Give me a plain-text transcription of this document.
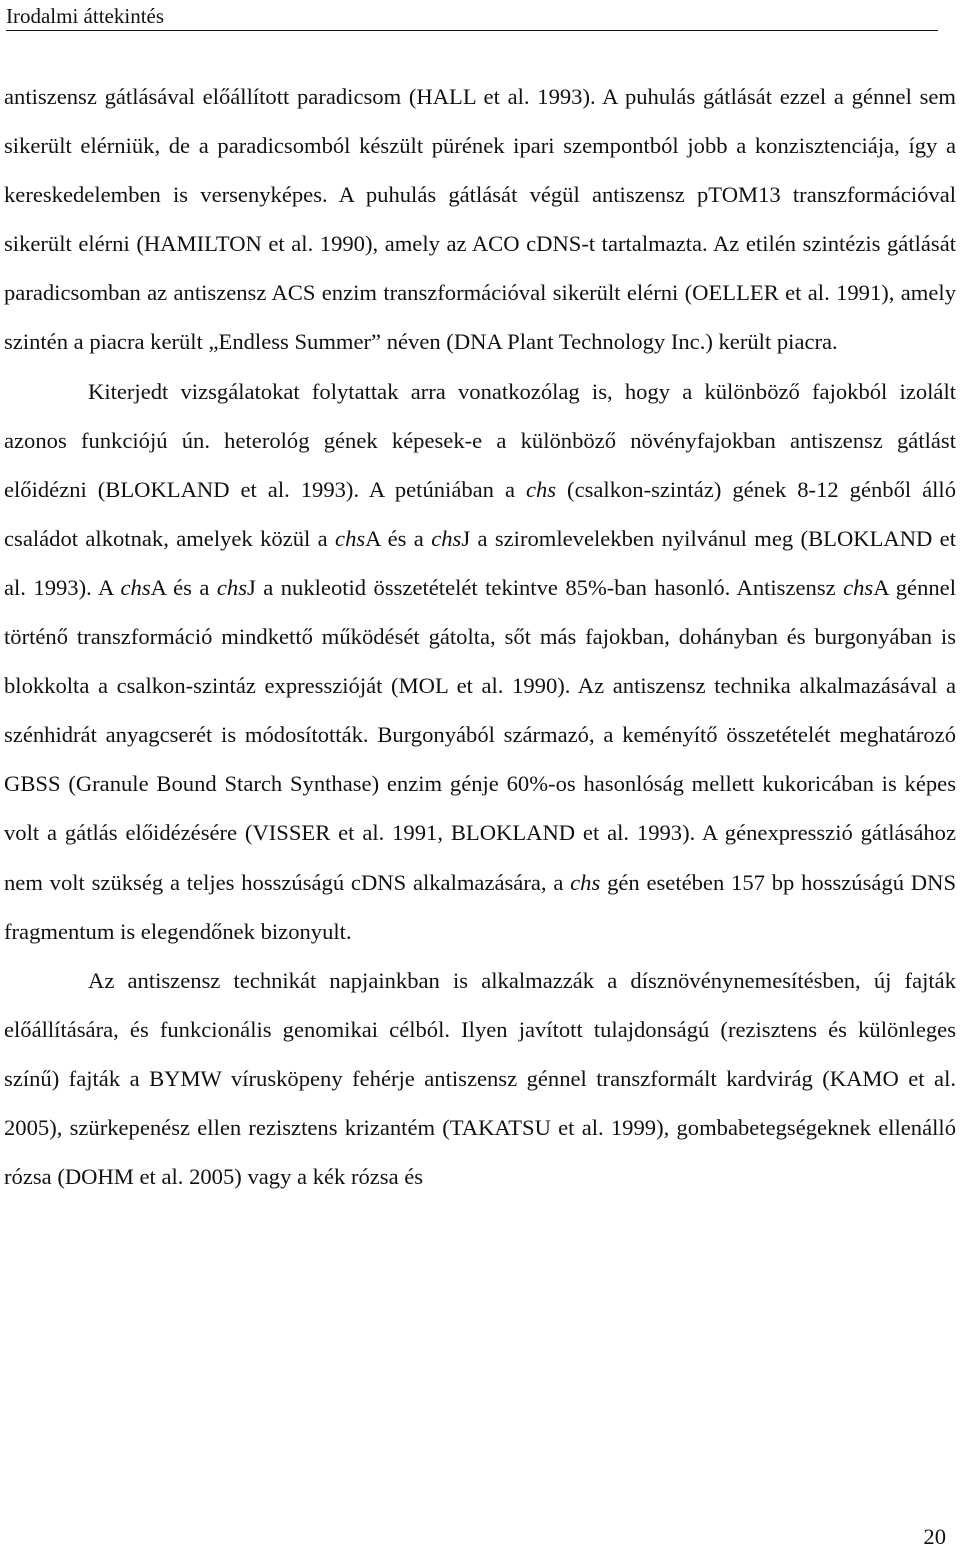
Irodalmi áttekintés

antiszensz gátlásával előállított paradicsom (HALL et al. 1993). A puhulás gátlását ezzel a génnel sem sikerült elérniük, de a paradicsomból készült pürének ipari szempontból jobb a konzisztenciája, így a kereskedelemben is versenyképes. A puhulás gátlását végül antiszensz pTOM13 transzformációval sikerült elérni (HAMILTON et al. 1990), amely az ACO cDNS-t tartalmazta. Az etilén szintézis gátlását paradicsomban az antiszensz ACS enzim transzformációval sikerült elérni (OELLER et al. 1991), amely szintén a piacra került „Endless Summer” néven (DNA Plant Technology Inc.) került piacra.

Kiterjedt vizsgálatokat folytattak arra vonatkozólag is, hogy a különböző fajokból izolált azonos funkciójú ún. heterológ gének képesek-e a különböző növényfajokban antiszensz gátlást előidézni (BLOKLAND et al. 1993). A petúniában a chs (csalkon-szintáz) gének 8-12 génből álló családot alkotnak, amelyek közül a chsA és a chsJ a sziromlevelekben nyilvánul meg (BLOKLAND et al. 1993). A chsA és a chsJ a nukleotid összetételét tekintve 85%-ban hasonló. Antiszensz chsA génnel történő transzformáció mindkettő működését gátolta, sőt más fajokban, dohányban és burgonyában is blokkolta a csalkon-szintáz expresszióját (MOL et al. 1990). Az antiszensz technika alkalmazásával a szénhidrát anyagcserét is módosították. Burgonyából származó, a keményítő összetételét meghatározó GBSS (Granule Bound Starch Synthase) enzim génje 60%-os hasonlóság mellett kukoricában is képes volt a gátlás előidézésére (VISSER et al. 1991, BLOKLAND et al. 1993). A génexpresszió gátlásához nem volt szükség a teljes hosszúságú cDNS alkalmazására, a chs gén esetében 157 bp hosszúságú DNS fragmentum is elegendőnek bizonyult.

Az antiszensz technikát napjainkban is alkalmazzák a dísznövénynemesítésben, új fajták előállítására, és funkcionális genomikai célból. Ilyen javított tulajdonságú (rezisztens és különleges színű) fajták a BYMW vírusköpeny fehérje antiszensz génnel transzformált kardvirág (KAMO et al. 2005), szürkepenész ellen rezisztens krizantém (TAKATSU et al. 1999), gombabetegségeknek ellenálló rózsa (DOHM et al. 2005) vagy a kék rózsa és

20
